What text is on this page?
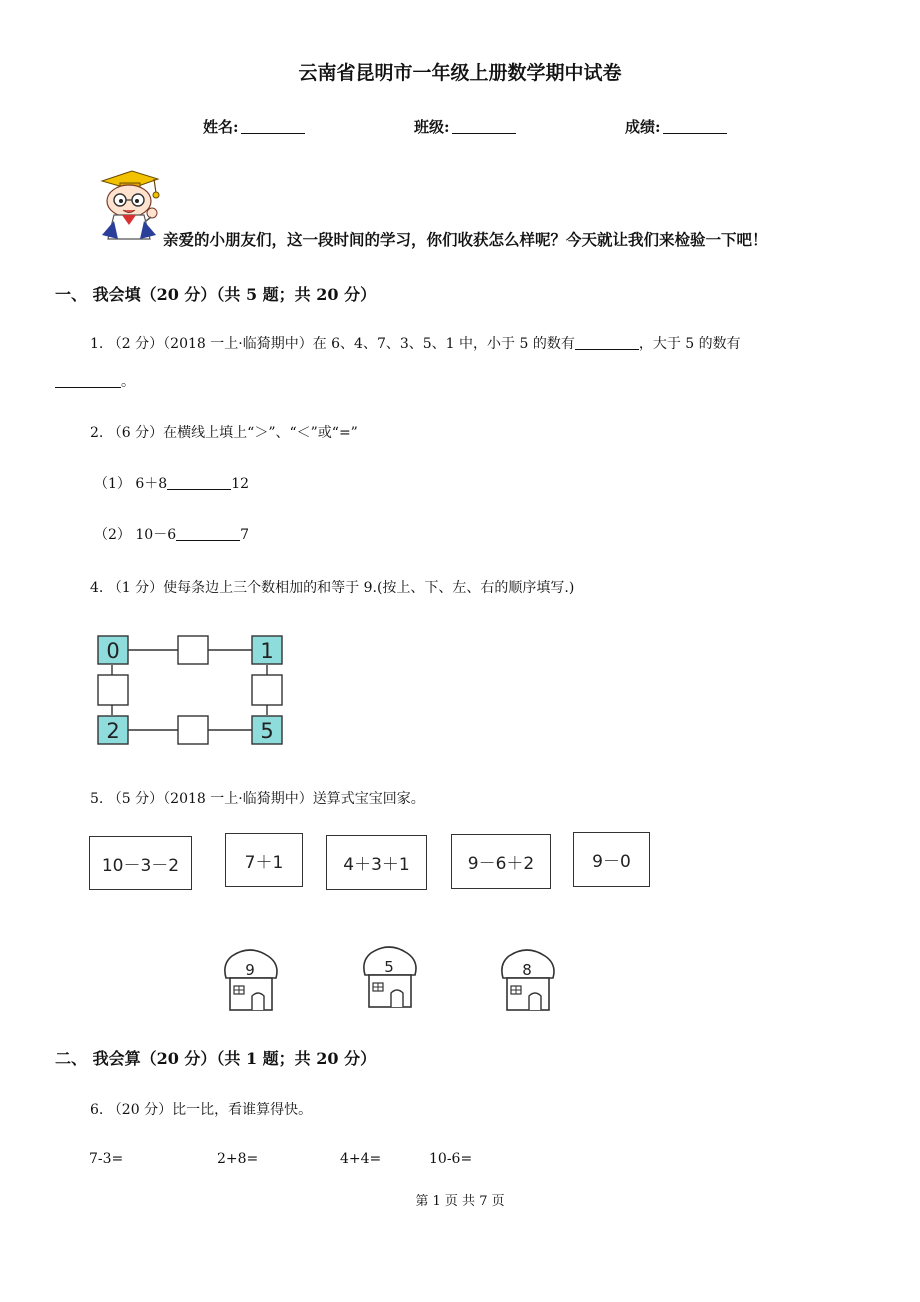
云南省昆明市一年级上册数学期中试卷
姓名:	班级:	成绩:
亲爱的小朋友们，这一段时间的学习，你们收获怎么样呢？今天就让我们来检验一下吧！
一、 我会填（20 分）（共 5 题；共 20 分）
1. （2 分）（2018 一上·临猗期中）在 6、4、7、3、5、1 中，小于 5 的数有	，大于 5 的数有
。
2. （6 分）在横线上填上“＞”、“＜”或“=”
（1） 6＋8	12
（2） 10－6	7
4. （1 分）使每条边上三个数相加的和等于 9.(按上、下、左、右的顺序填写.)
0	1
2	5
5. （5 分）（2018 一上·临猗期中）送算式宝宝回家。
10－3－2	7＋1	4＋3＋1	9－6＋2	9－0
9	5	8
二、 我会算（20 分）（共 1 题；共 20 分）
6. （20 分）比一比，看谁算得快。
7-3=	2+8=	4+4=	10-6=
第 1 页 共 7 页
